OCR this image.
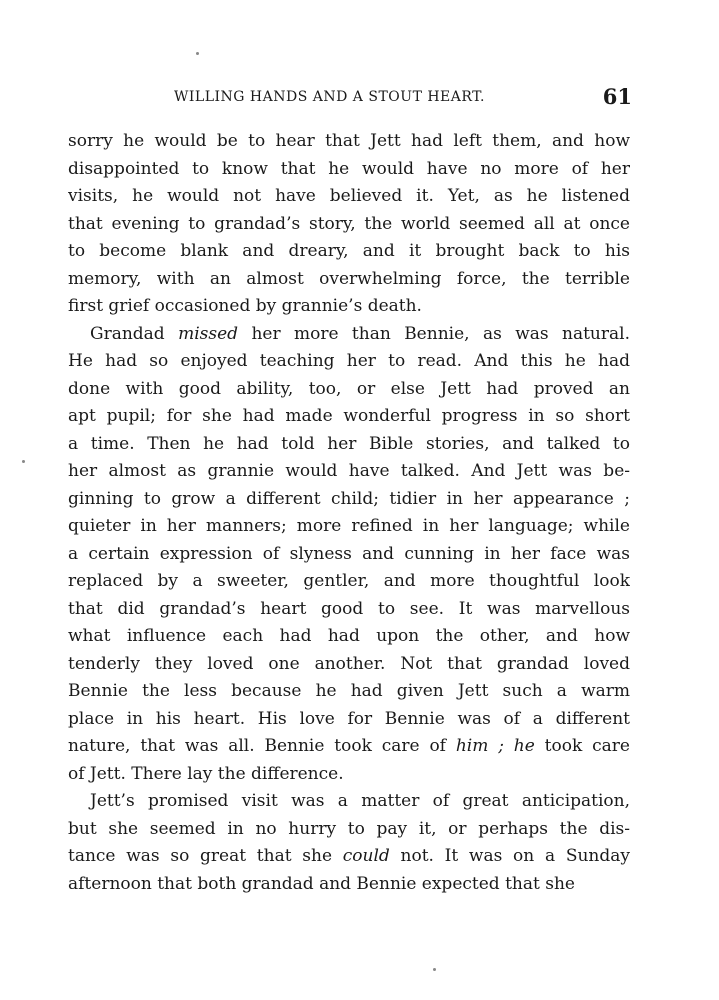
WILLING HANDS AND A STOUT HEART.	61
sorry he would be to hear that Jett had left them, and how
disappointed to know that he would have no more of her
visits, he would not have believed it. Yet, as he listened
that evening to grandad’s story, the world seemed all at once
to become blank and dreary, and it brought back to his
memory, with an almost overwhelming force, the terrible
first grief occasioned by grannie’s death.
Grandad missed her more than Bennie, as was natural.
He had so enjoyed teaching her to read. And this he had
done with good ability, too, or else Jett had proved an
apt pupil; for she had made wonderful progress in so short
a time. Then he had told her Bible stories, and talked to
her almost as grannie would have talked. And Jett was be-
ginning to grow a different child; tidier in her appearance ;
quieter in her manners; more refined in her language; while
a certain expression of slyness and cunning in her face was
replaced by a sweeter, gentler, and more thoughtful look
that did grandad’s heart good to see. It was marvellous
what influence each had had upon the other, and how
tenderly they loved one another. Not that grandad loved
Bennie the less because he had given Jett such a warm
place in his heart. His love for Bennie was of a different
nature, that was all. Bennie took care of him ; he took care
of Jett. There lay the difference.
Jett’s promised visit was a matter of great anticipation,
but she seemed in no hurry to pay it, or perhaps the dis-
tance was so great that she could not. It was on a Sunday
afternoon that both grandad and Bennie expected that she
